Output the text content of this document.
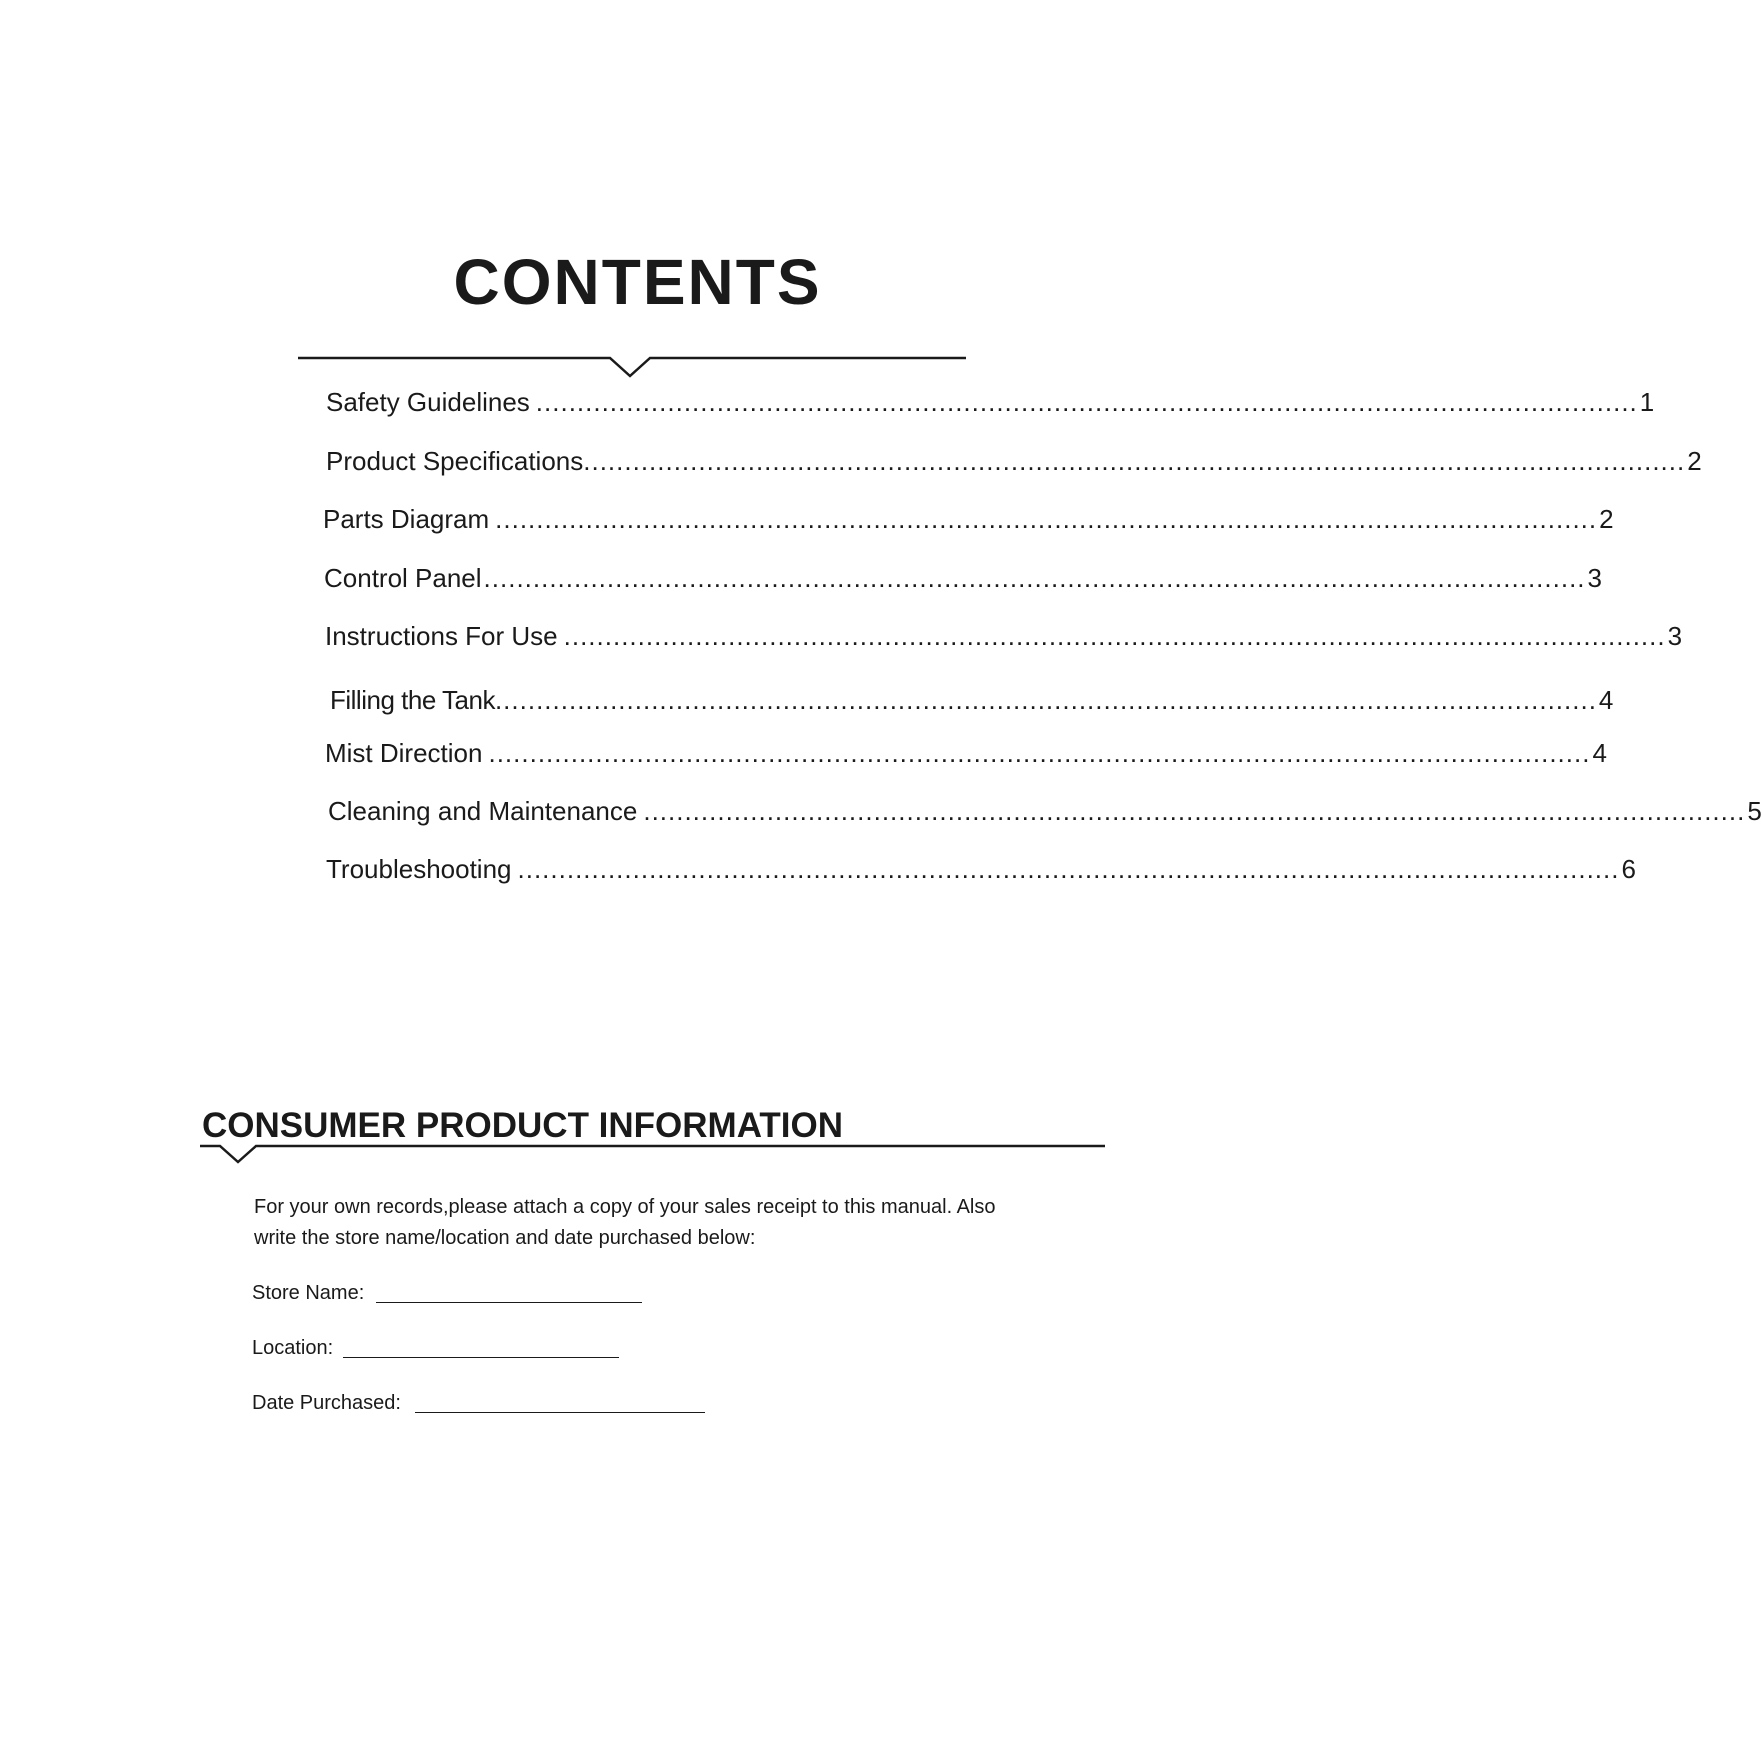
CONTENTS
Safety Guidelines ...................................................................................................................................... 1
Product Specifications ...................................................................................................................................... 2
Parts Diagram ...................................................................................................................................... 2
Control Panel ...................................................................................................................................... 3
Instructions For Use ...................................................................................................................................... 3
Filling the Tank ...................................................................................................................................... 4
Mist Direction ...................................................................................................................................... 4
Cleaning and Maintenance ...................................................................................................................................... 5
Troubleshooting ...................................................................................................................................... 6
CONSUMER PRODUCT INFORMATION
For your own records,please attach a copy of your sales receipt to this manual. Also
write the store name/location and date purchased below:
Store Name:
Location:
Date Purchased:
